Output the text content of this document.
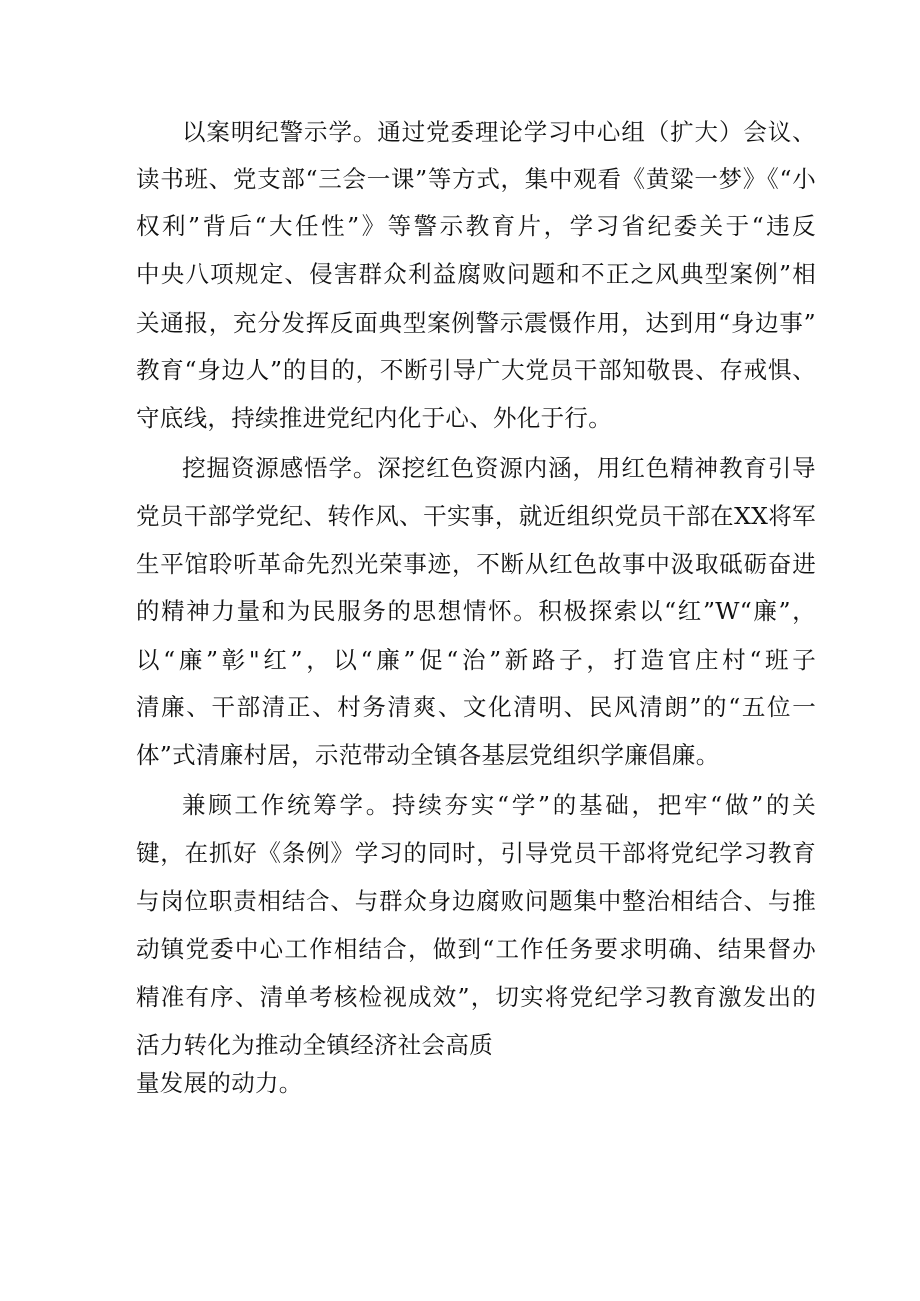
以案明纪警示学。通过党委理论学习中心组（扩大）会议、
读书班、党支部“三会一课”等方式，集中观看《黄粱一梦》《“小
权利”背后“大任性”》等警示教育片，学习省纪委关于“违反
中央八项规定、侵害群众利益腐败问题和不正之风典型案例”相
关通报，充分发挥反面典型案例警示震慑作用，达到用“身边事”
教育“身边人”的目的，不断引导广大党员干部知敬畏、存戒惧、
守底线，持续推进党纪内化于心、外化于行。
挖掘资源感悟学。深挖红色资源内涵，用红色精神教育引导
党员干部学党纪、转作风、干实事，就近组织党员干部在XX将军
生平馆聆听革命先烈光荣事迹，不断从红色故事中汲取砥砺奋进
的精神力量和为民服务的思想情怀。积极探索以“红”W“廉”，
以“廉”彰"红”，以“廉”促“治”新路子，打造官庄村“班子
清廉、干部清正、村务清爽、文化清明、民风清朗”的“五位一
体”式清廉村居，示范带动全镇各基层党组织学廉倡廉。
兼顾工作统筹学。持续夯实“学”的基础，把牢“做”的关
键，在抓好《条例》学习的同时，引导党员干部将党纪学习教育
与岗位职责相结合、与群众身边腐败问题集中整治相结合、与推
动镇党委中心工作相结合，做到“工作任务要求明确、结果督办
精准有序、清单考核检视成效”，切实将党纪学习教育激发出的
活力转化为推动全镇经济社会高质
量发展的动力。
